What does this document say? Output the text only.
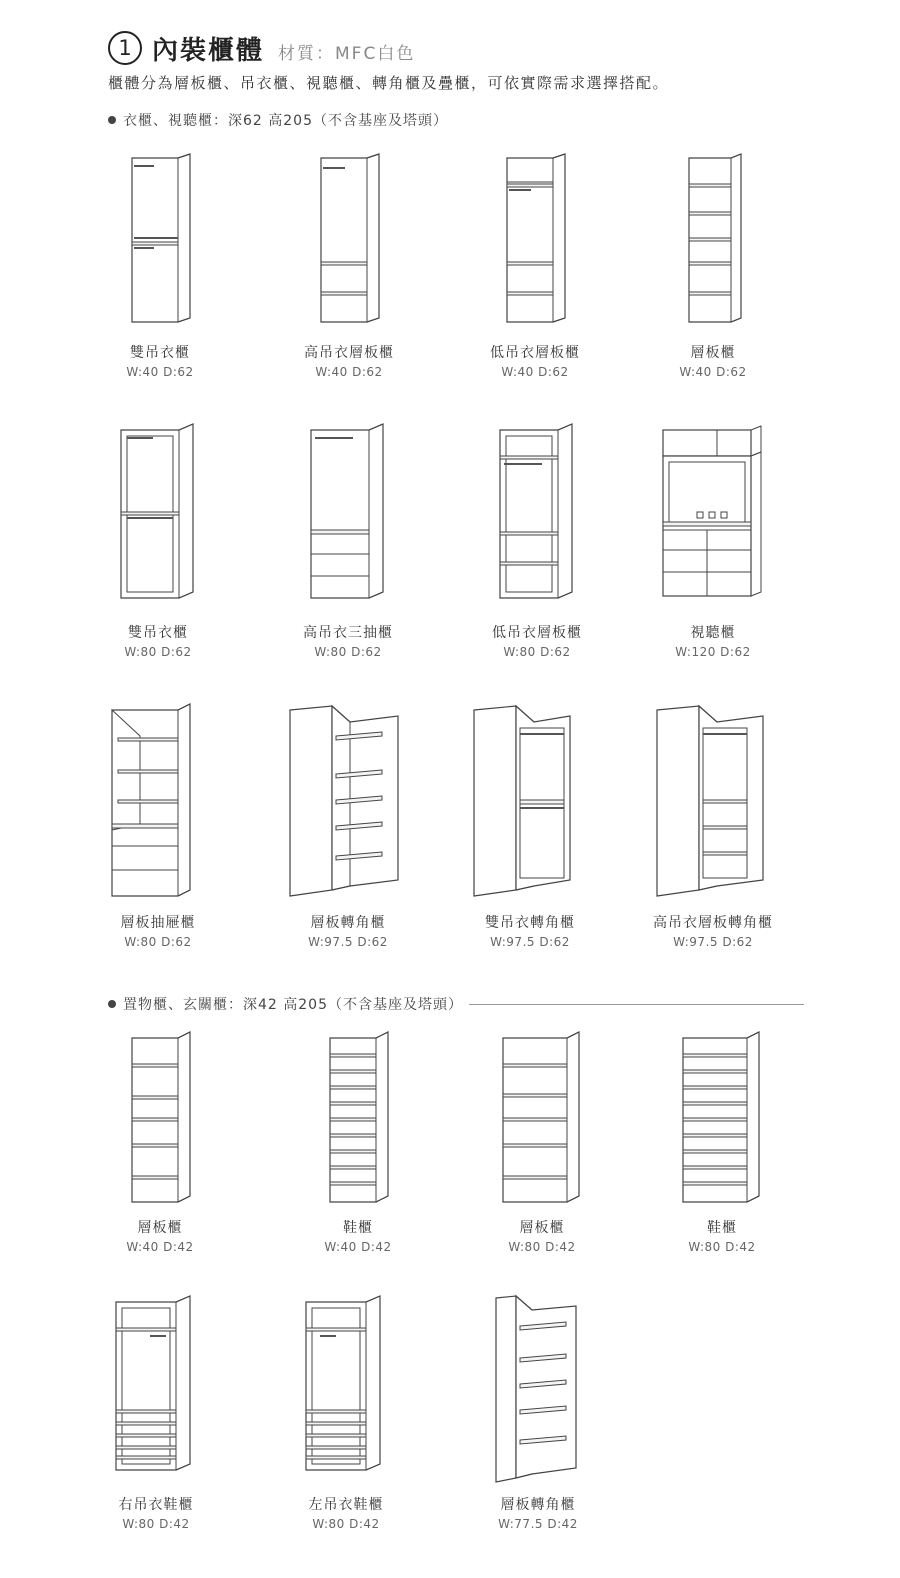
1 內裝櫃體 材質：MFC白色
櫃體分為層板櫃、吊衣櫃、視聽櫃、轉角櫃及疊櫃，可依實際需求選擇搭配。
衣櫃、視聽櫃：深62 高205（不含基座及塔頭）
置物櫃、玄關櫃：深42 高205（不含基座及塔頭）
雙吊衣櫃
W:40 D:62
高吊衣層板櫃
W:40 D:62
低吊衣層板櫃
W:40 D:62
層板櫃
W:40 D:62
雙吊衣櫃
W:80 D:62
高吊衣三抽櫃
W:80 D:62
低吊衣層板櫃
W:80 D:62
視聽櫃
W:120 D:62
層板抽屜櫃
W:80 D:62
層板轉角櫃
W:97.5 D:62
雙吊衣轉角櫃
W:97.5 D:62
高吊衣層板轉角櫃
W:97.5 D:62
層板櫃
W:40 D:42
鞋櫃
W:40 D:42
層板櫃
W:80 D:42
鞋櫃
W:80 D:42
右吊衣鞋櫃
W:80 D:42
左吊衣鞋櫃
W:80 D:42
層板轉角櫃
W:77.5 D:42
